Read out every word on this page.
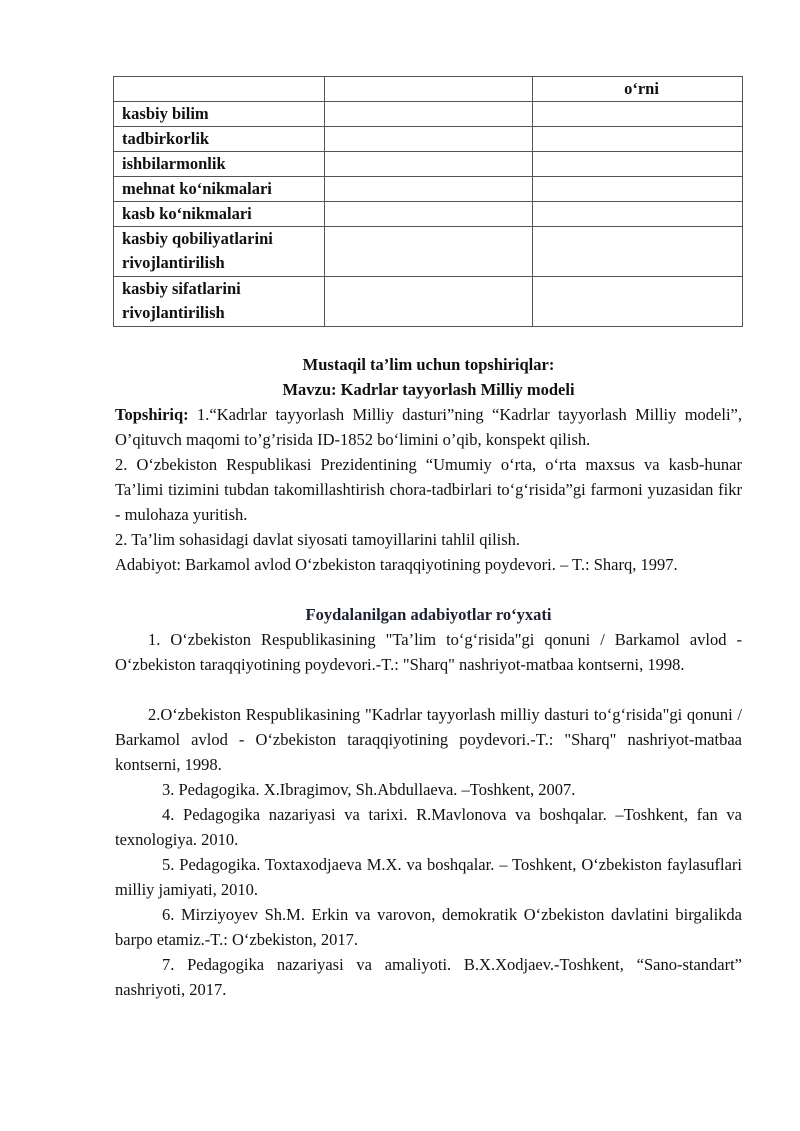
		o‘rni
kasbiy bilim		
tadbirkorlik		
ishbilarmonlik		
mehnat ko‘nikmalari		
kasb ko‘nikmalari		
kasbiy qobiliyatlarini rivojlantirilish		
kasbiy sifatlarini rivojlantirilish		
Mustaqil ta’lim uchun topshiriqlar:
Mavzu: Kadrlar tayyorlash Milliy modeli
Topshiriq: 1.“Kadrlar tayyorlash Milliy dasturi”ning “Kadrlar tayyorlash Milliy modeli”, O’qituvch maqomi to’g’risida ID-1852 bo‘limini o’qib, konspekt qilish.
2. O‘zbekiston Respublikasi Prezidentining “Umumiy o‘rta, o‘rta maxsus va kasb-hunar Ta’limi tizimini tubdan takomillashtirish chora-tadbirlari to‘g‘risida”gi farmoni yuzasidan fikr - mulohaza yuritish.
2. Ta’lim sohasidagi davlat siyosati tamoyillarini tahlil qilish.
Adabiyot: Barkamol avlod O‘zbekiston taraqqiyotining poydevori. – T.: Sharq, 1997.
Foydalanilgan adabiyotlar ro‘yxati
1. O‘zbekiston Respublikasining "Ta’lim to‘g‘risida"gi qonuni / Barkamol avlod - O‘zbekiston taraqqiyotining poydevori.-T.: "Sharq" nashriyot-matbaa kontserni, 1998.
2.O‘zbekiston Respublikasining "Kadrlar tayyorlash milliy dasturi to‘g‘risida"gi qonuni / Barkamol avlod - O‘zbekiston taraqqiyotining poydevori.-T.: "Sharq" nashriyot-matbaa kontserni, 1998.
3. Pedagogika. X.Ibragimov, Sh.Abdullaeva. –Toshkent, 2007.
4. Pedagogika nazariyasi va tarixi. R.Mavlonova va boshqalar. –Toshkent, fan va texnologiya. 2010.
5. Pedagogika. Toxtaxodjaeva M.X. va boshqalar. – Toshkent, O‘zbekiston faylasuflari milliy jamiyati, 2010.
6. Mirziyoyev Sh.M. Erkin va varovon, demokratik O‘zbekiston davlatini birgalikda barpo etamiz.-T.: O‘zbekiston, 2017.
7. Pedagogika nazariyasi va amaliyoti. B.X.Xodjaev.-Toshkent, “Sano-standart” nashriyoti, 2017.
